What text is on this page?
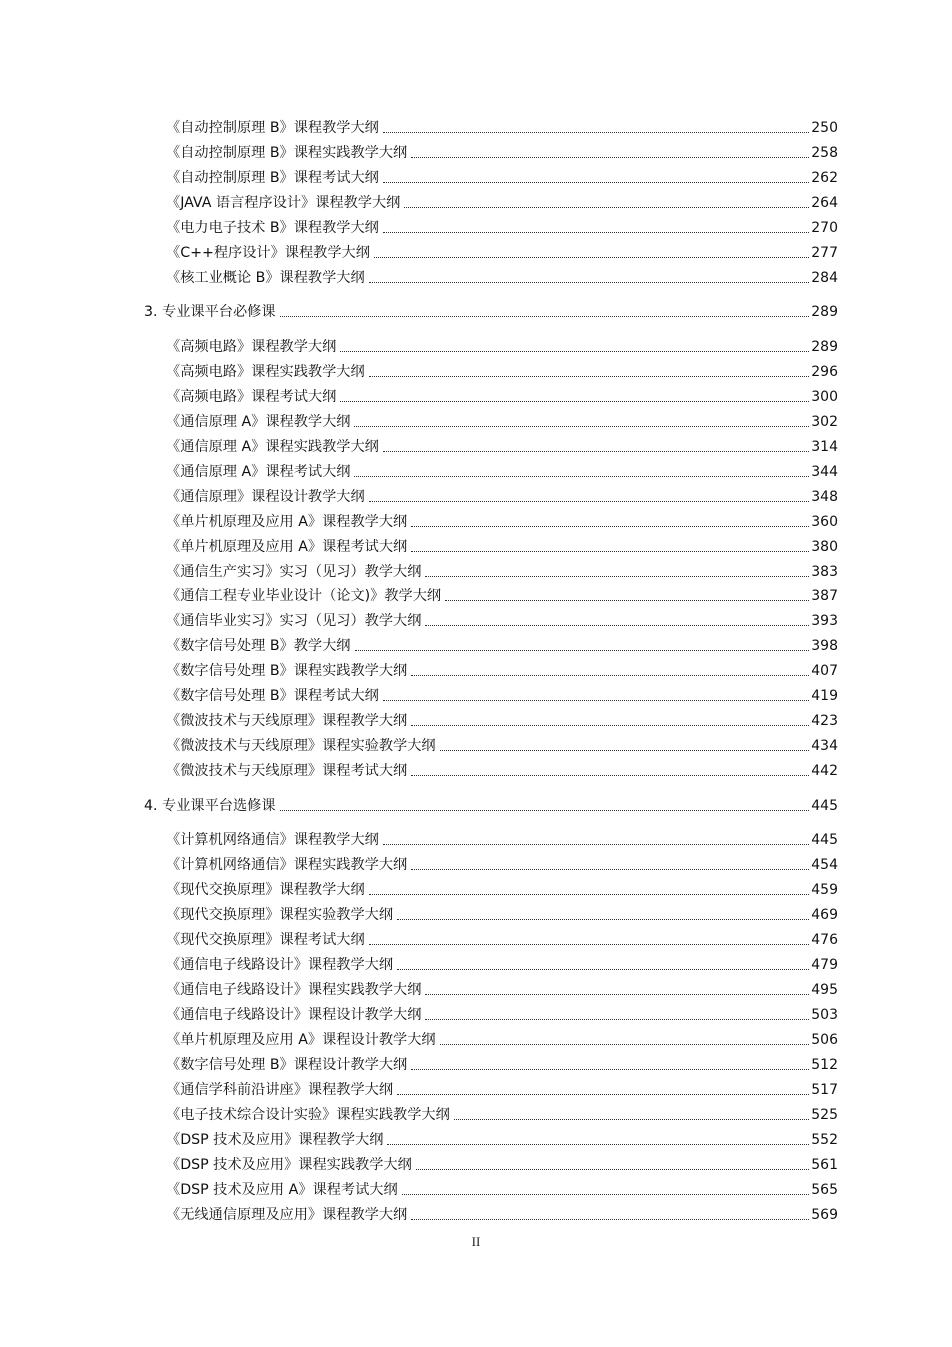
《自动控制原理 B》课程教学大纲	250
《自动控制原理 B》课程实践教学大纲	258
《自动控制原理 B》课程考试大纲	262
《JAVA 语言程序设计》课程教学大纲	264
《电力电子技术 B》课程教学大纲	270
《C++程序设计》课程教学大纲	277
《核工业概论 B》课程教学大纲	284
3. 专业课平台必修课	289
《高频电路》课程教学大纲	289
《高频电路》课程实践教学大纲	296
《高频电路》课程考试大纲	300
《通信原理 A》课程教学大纲	302
《通信原理 A》课程实践教学大纲	314
《通信原理 A》课程考试大纲	344
《通信原理》课程设计教学大纲	348
《单片机原理及应用 A》课程教学大纲	360
《单片机原理及应用 A》课程考试大纲	380
《通信生产实习》实习（见习）教学大纲	383
《通信工程专业毕业设计（论文)》教学大纲	387
《通信毕业实习》实习（见习）教学大纲	393
《数字信号处理 B》教学大纲	398
《数字信号处理 B》课程实践教学大纲	407
《数字信号处理 B》课程考试大纲	419
《微波技术与天线原理》课程教学大纲	423
《微波技术与天线原理》课程实验教学大纲	434
《微波技术与天线原理》课程考试大纲	442
4. 专业课平台选修课	445
《计算机网络通信》课程教学大纲	445
《计算机网络通信》课程实践教学大纲	454
《现代交换原理》课程教学大纲	459
《现代交换原理》课程实验教学大纲	469
《现代交换原理》课程考试大纲	476
《通信电子线路设计》课程教学大纲	479
《通信电子线路设计》课程实践教学大纲	495
《通信电子线路设计》课程设计教学大纲	503
《单片机原理及应用 A》课程设计教学大纲	506
《数字信号处理 B》课程设计教学大纲	512
《通信学科前沿讲座》课程教学大纲	517
《电子技术综合设计实验》课程实践教学大纲	525
《DSP 技术及应用》课程教学大纲	552
《DSP 技术及应用》课程实践教学大纲	561
《DSP 技术及应用 A》课程考试大纲	565
《无线通信原理及应用》课程教学大纲	569
II
